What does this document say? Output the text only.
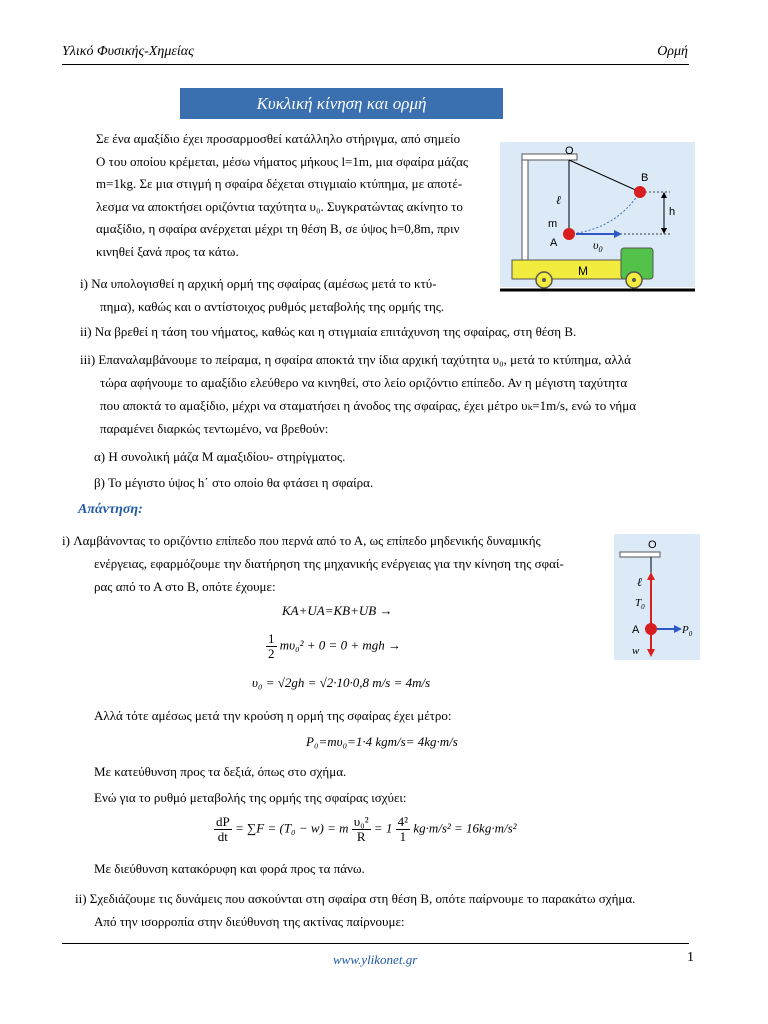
Υλικό Φυσικής-Χημείας	Ορμή
Κυκλική κίνηση και ορμή
Σε ένα αμαξίδιο έχει προσαρμοσθεί κατάλληλο στήριγμα, από σημείο
Ο του οποίου κρέμεται, μέσω νήματος μήκους l=1m, μια σφαίρα μάζας
m=1kg. Σε μια στιγμή η σφαίρα δέχεται στιγμιαίο κτύπημα, με αποτέ-
λεσμα να αποκτήσει οριζόντια ταχύτητα υ₀. Συγκρατώντας ακίνητο το
αμαξίδιο, η σφαίρα ανέρχεται μέχρι τη θέση Β, σε ύψος h=0,8m, πριν
κινηθεί ξανά προς τα κάτω.
i) Να υπολογισθεί η αρχική ορμή της σφαίρας (αμέσως μετά το κτύ-
πημα), καθώς και ο αντίστοιχος ρυθμός μεταβολής της ορμής της.
ii) Να βρεθεί η τάση του νήματος, καθώς και η στιγμιαία επιτάχυνση της σφαίρας, στη θέση Β.
iii) Επαναλαμβάνουμε το πείραμα, η σφαίρα αποκτά την ίδια αρχική ταχύτητα υ₀, μετά το κτύπημα, αλλά
τώρα αφήνουμε το αμαξίδιο ελεύθερο να κινηθεί, στο λείο οριζόντιο επίπεδο. Αν η μέγιστη ταχύτητα
που αποκτά το αμαξίδιο, μέχρι να σταματήσει η άνοδος της σφαίρας, έχει μέτρο υₖ=1m/s, ενώ το νήμα
παραμένει διαρκώς τεντωμένο, να βρεθούν:
α) Η συνολική μάζα Μ αμαξιδίου- στηρίγματος.
β) Το μέγιστο ύψος h΄ στο οποίο θα φτάσει η σφαίρα.
Απάντηση:
i) Λαμβάνοντας το οριζόντιο επίπεδο που περνά από το Α, ως επίπεδο μηδενικής δυναμικής
ενέργειας, εφαρμόζουμε την διατήρηση της μηχανικής ενέργειας για την κίνηση της σφαί-
ρας από το Α στο Β, οπότε έχουμε:
KΑ+UΑ=KΒ+UΒ →
$\frac{1}{2} m\upsilon_0^2 + 0 = 0$ + mgh →
υ₀ = √2gh = √2·10·0,8 m/s = 4m/s
Αλλά τότε αμέσως μετά την κρούση η ορμή της σφαίρας έχει μέτρο:
P₀=mυ₀=1·4 kgm/s= 4kg·m/s
Με κατεύθυνση προς τα δεξιά, όπως στο σχήμα.
Ενώ για το ρυθμό μεταβολής της ορμής της σφαίρας ισχύει:
$\frac{dP}{dt} = \sum F = (T_0 - w) = m \frac{\text{υ₀²}}{R} = 1 \frac{\text{4²}}{1} kg\cdot m/s^2 = 16kg\cdot m/s^2$
Με διεύθυνση κατακόρυφη και φορά προς τα πάνω.
ii) Σχεδιάζουμε τις δυνάμεις που ασκούνται στη σφαίρα στη θέση Β, οπότε παίρνουμε το παρακάτω σχήμα.
Από την ισορροπία στην διεύθυνση της ακτίνας παίρνουμε:
www.ylikonet.gr	1
O
B
ℓ
m
A
h
$\upsilon_0$
M
O
ℓ
$T_0$
A	$P_0$
w
